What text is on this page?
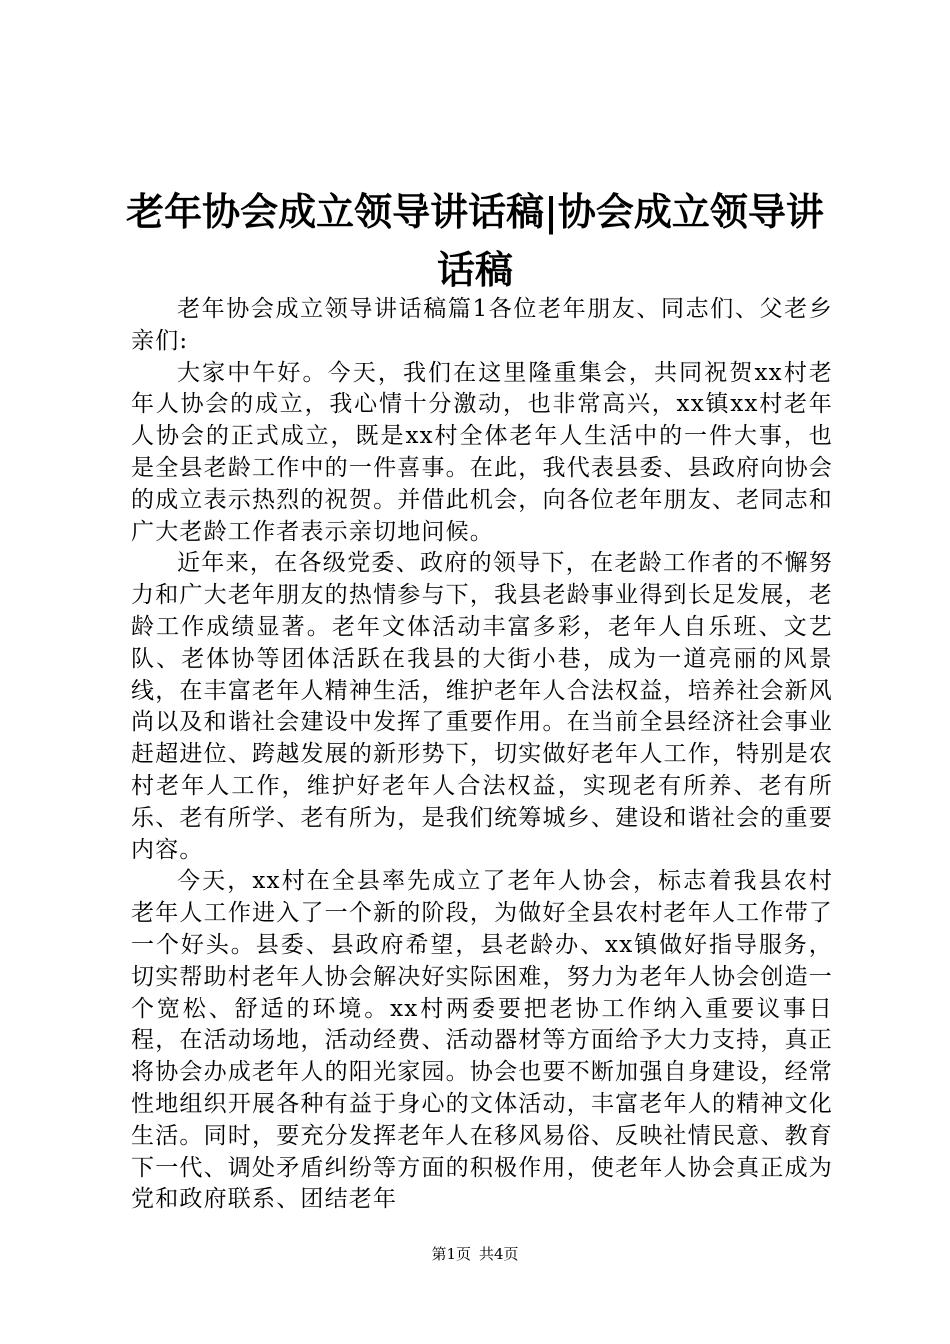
老年协会成立领导讲话稿|协会成立领导讲话稿

老年协会成立领导讲话稿篇1各位老年朋友、同志们、父老乡亲们:

大家中午好。今天，我们在这里隆重集会，共同祝贺xx村老年人协会的成立，我心情十分激动，也非常高兴，xx镇xx村老年人协会的正式成立，既是xx村全体老年人生活中的一件大事，也是全县老龄工作中的一件喜事。在此，我代表县委、县政府向协会的成立表示热烈的祝贺。并借此机会，向各位老年朋友、老同志和广大老龄工作者表示亲切地问候。

近年来，在各级党委、政府的领导下，在老龄工作者的不懈努力和广大老年朋友的热情参与下，我县老龄事业得到长足发展，老龄工作成绩显著。老年文体活动丰富多彩，老年人自乐班、文艺队、老体协等团体活跃在我县的大街小巷，成为一道亮丽的风景线，在丰富老年人精神生活，维护老年人合法权益，培养社会新风尚以及和谐社会建设中发挥了重要作用。在当前全县经济社会事业赶超进位、跨越发展的新形势下，切实做好老年人工作，特别是农村老年人工作，维护好老年人合法权益，实现老有所养、老有所乐、老有所学、老有所为，是我们统筹城乡、建设和谐社会的重要内容。

今天，xx村在全县率先成立了老年人协会，标志着我县农村老年人工作进入了一个新的阶段，为做好全县农村老年人工作带了一个好头。县委、县政府希望，县老龄办、xx镇做好指导服务，切实帮助村老年人协会解决好实际困难，努力为老年人协会创造一个宽松、舒适的环境。xx村两委要把老协工作纳入重要议事日程，在活动场地，活动经费、活动器材等方面给予大力支持，真正将协会办成老年人的阳光家园。协会也要不断加强自身建设，经常性地组织开展各种有益于身心的文体活动，丰富老年人的精神文化生活。同时，要充分发挥老年人在移风易俗、反映社情民意、教育下一代、调处矛盾纠纷等方面的积极作用，使老年人协会真正成为党和政府联系、团结老年

第1页 共4页
